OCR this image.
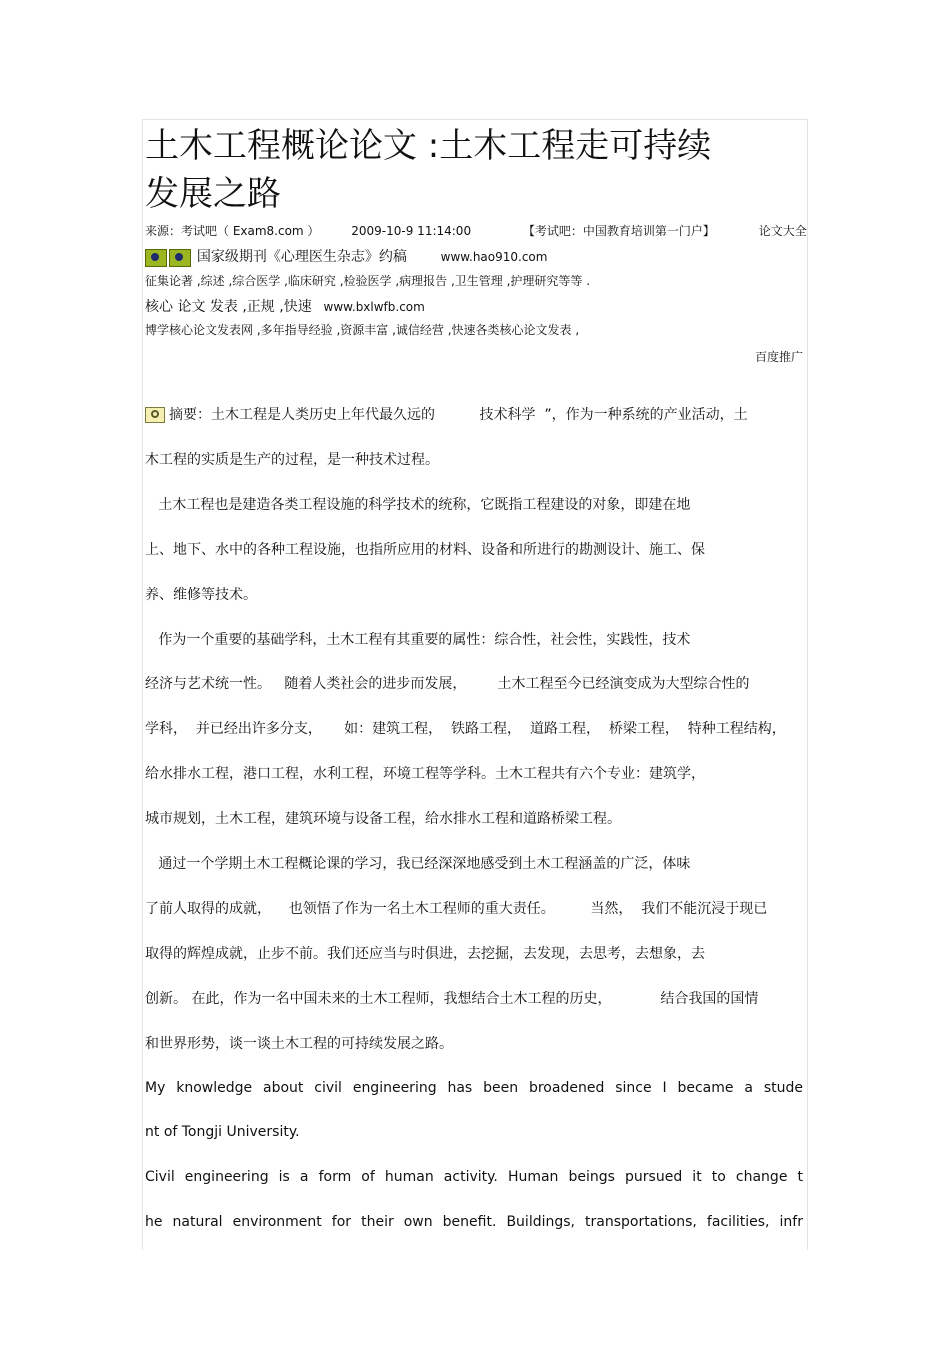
土木工程概论论文 :土木工程走可持续
发展之路
来源：考试吧（ Exam8.com ）	2009-10-9 11:14:00	【考试吧：中国教育培训第一门户】	论文大全
国家级期刊《心理医生杂志》约稿	www.hao910.com
征集论著 ,综述 ,综合医学 ,临床研究 ,检验医学 ,病理报告 ,卫生管理 ,护理研究等等 .
核心 论文 发表 ,正规 ,快速 www.bxlwfb.com
博学核心论文发表网 ,多年指导经验 ,资源丰富 ,诚信经营 ,快速各类核心论文发表 ,
百度推广
摘要：土木工程是人类历史上年代最久远的          技术科学  ”，作为一种系统的产业活动，土
木工程的实质是生产的过程，是一种技术过程。
土木工程也是建造各类工程设施的科学技术的统称，它既指工程建设的对象，即建在地
上、地下、水中的各种工程设施，也指所应用的材料、设备和所进行的勘测设计、施工、保
养、维修等技术。
作为一个重要的基础学科，土木工程有其重要的属性：综合性，社会性，实践性，技术
经济与艺术统一性。   随着人类社会的进步而发展，       土木工程至今已经演变成为大型综合性的
学科，  并已经出许多分支，     如：建筑工程，  铁路工程，  道路工程，  桥梁工程，  特种工程结构，
给水排水工程，港口工程，水利工程，环境工程等学科。土木工程共有六个专业：建筑学，
城市规划，土木工程，建筑环境与设备工程，给水排水工程和道路桥梁工程。
通过一个学期土木工程概论课的学习，我已经深深地感受到土木工程涵盖的广泛，体味
了前人取得的成就，    也领悟了作为一名土木工程师的重大责任。        当然，  我们不能沉浸于现已
取得的辉煌成就，止步不前。我们还应当与时俱进，去挖掘，去发现，去思考，去想象，去
创新。 在此，作为一名中国未来的土木工程师，我想结合土木工程的历史，           结合我国的国情
和世界形势，谈一谈土木工程的可持续发展之路。
My knowledge about civil engineering has been broadened since I became a stude
nt of Tongji University.
Civil engineering is a form of human activity. Human beings pursued it to change t
he natural environment for their own benefit. Buildings, transportations, facilities, infr
